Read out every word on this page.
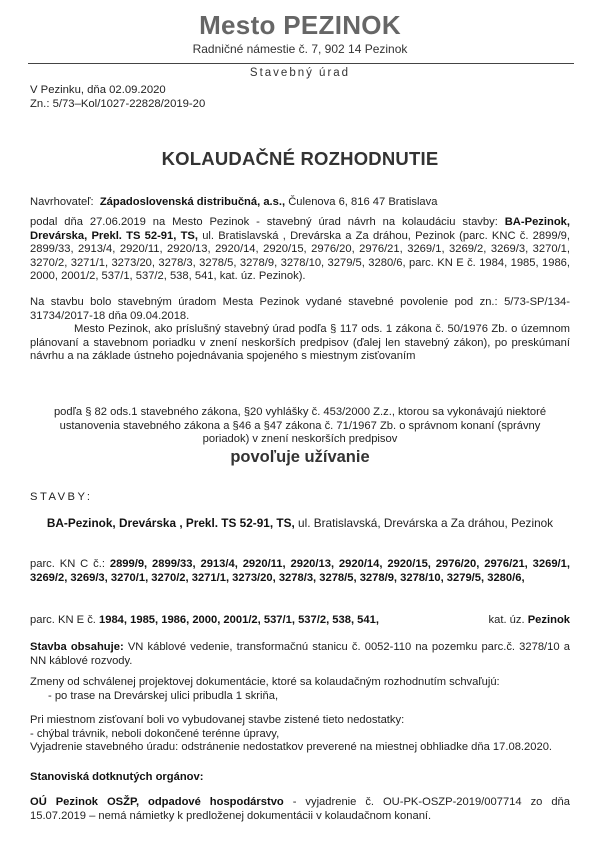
Mesto PEZINOK
Radničné námestie č. 7, 902 14 Pezinok
Stavebný úrad
V Pezinku, dňa 02.09.2020
Zn.: 5/73–Kol/1027-22828/2019-20
KOLAUDAČNÉ ROZHODNUTIE
Navrhovateľ: Západoslovenská distribučná, a.s., Čulenova 6, 816 47 Bratislava
podal dňa 27.06.2019 na Mesto Pezinok - stavebný úrad návrh na kolaudáciu stavby: BA-Pezinok, Drevárska, Prekl. TS 52-91, TS, ul. Bratislavská , Drevárska a Za dráhou, Pezinok (parc. KNC č. 2899/9, 2899/33, 2913/4, 2920/11, 2920/13, 2920/14, 2920/15, 2976/20, 2976/21, 3269/1, 3269/2, 3269/3, 3270/1, 3270/2, 3271/1, 3273/20, 3278/3, 3278/5, 3278/9, 3278/10, 3279/5, 3280/6, parc. KN E č. 1984, 1985, 1986, 2000, 2001/2, 537/1, 537/2, 538, 541, kat. úz. Pezinok).
Na stavbu bolo stavebným úradom Mesta Pezinok vydané stavebné povolenie pod zn.: 5/73-SP/134-31734/2017-18 dňa 09.04.2018.
Mesto Pezinok, ako príslušný stavebný úrad podľa § 117 ods. 1 zákona č. 50/1976 Zb. o územnom plánovaní a stavebnom poriadku v znení neskorších predpisov (ďalej len stavebný zákon), po preskúmaní návrhu a na základe ústneho pojednávania spojeného s miestnym zisťovaním
podľa § 82 ods.1 stavebného zákona, §20 vyhlášky č. 453/2000 Z.z., ktorou sa vykonávajú niektoré ustanovenia stavebného zákona a §46 a §47 zákona č. 71/1967 Zb. o správnom konaní (správny poriadok) v znení neskorších predpisov
povoľuje užívanie
STAVBY:
BA-Pezinok, Drevárska , Prekl. TS 52-91, TS, ul. Bratislavská, Drevárska a Za dráhou, Pezinok
parc. KN C č.: 2899/9, 2899/33, 2913/4, 2920/11, 2920/13, 2920/14, 2920/15, 2976/20, 2976/21, 3269/1, 3269/2, 3269/3, 3270/1, 3270/2, 3271/1, 3273/20, 3278/3, 3278/5, 3278/9, 3278/10, 3279/5, 3280/6,
parc. KN E č. 1984, 1985, 1986, 2000, 2001/2, 537/1, 537/2, 538, 541,	kat. úz. Pezinok
Stavba obsahuje: VN káblové vedenie, transformačnú stanicu č. 0052-110 na pozemku parc.č. 3278/10 a NN káblové rozvody.
Zmeny od schválenej projektovej dokumentácie, ktoré sa kolaudačným rozhodnutím schvaľujú:
- po trase na Drevárskej ulici pribudla 1 skriňa,
Pri miestnom zisťovaní boli vo vybudovanej stavbe zistené tieto nedostatky:
- chýbal trávnik, neboli dokončené terénne úpravy,
Vyjadrenie stavebného úradu: odstránenie nedostatkov preverené na miestnej obhliadke dňa 17.08.2020.
Stanoviská dotknutých orgánov:
OÚ Pezinok OSŽP, odpadové hospodárstvo - vyjadrenie č. OU-PK-OSZP-2019/007714 zo dňa 15.07.2019 – nemá námietky k predloženej dokumentácii v kolaudačnom konaní.
